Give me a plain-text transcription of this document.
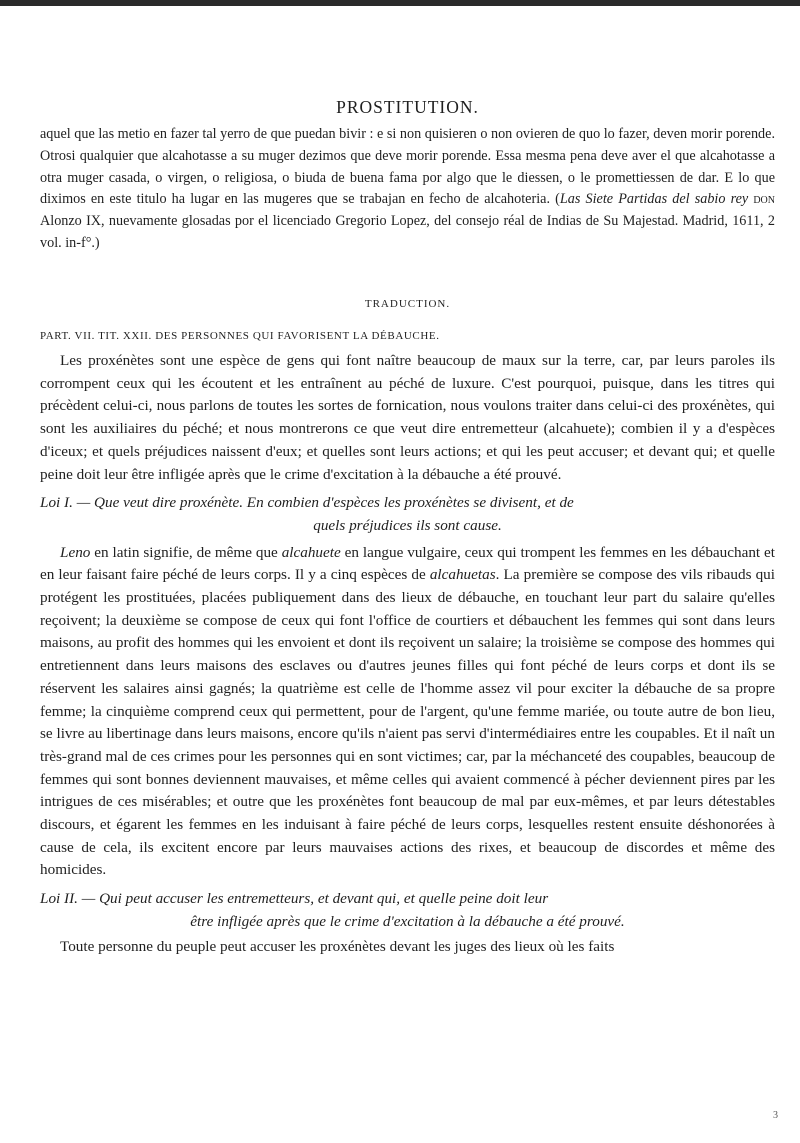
PROSTITUTION.

aquel que las metio en fazer tal yerro de que puedan bivir : e si non quisieren o non ovieren de quo lo fazer, deven morir porende. Otrosi qualquier que alcahotasse a su muger dezimos que deve morir porende. Essa mesma pena deve aver el que alcahotasse a otra muger casada, o virgen, o religiosa, o biuda de buena fama por algo que le diessen, o le promettiessen de dar. E lo que diximos en este titulo ha lugar en las mugeres que se trabajan en fecho de alcahoteria. (Las Siete Partidas del sabio rey don Alonzo IX, nuevamente glosadas por el licenciado Gregorio Lopez, del consejo réal de Indias de Su Majestad. Madrid, 1611, 2 vol. in-f°.)

TRADUCTION.
PART. VII. TIT. XXII. DES PERSONNES QUI FAVORISENT LA DÉBAUCHE.

Les proxénètes sont une espèce de gens qui font naître beaucoup de maux sur la terre, car, par leurs paroles ils corrompent ceux qui les écoutent et les entraînent au péché de luxure. C'est pourquoi, puisque, dans les titres qui précèdent celui-ci, nous parlons de toutes les sortes de fornication, nous voulons traiter dans celui-ci des proxénètes, qui sont les auxiliaires du péché; et nous montrerons ce que veut dire entremetteur (alcahuete); combien il y a d'espèces d'iceux; et quels préjudices naissent d'eux; et quelles sont leurs actions; et qui les peut accuser; et devant qui; et quelle peine doit leur être infligée après que le crime d'excitation à la débauche a été prouvé.

Loi I. — Que veut dire proxénète. En combien d'espèces les proxénètes se divisent, et de
quels préjudices ils sont cause.

Leno en latin signifie, de même que alcahuete en langue vulgaire, ceux qui trompent les femmes en les débauchant et en leur faisant faire péché de leurs corps. Il y a cinq espèces de alcahuetas. La première se compose des vils ribauds qui protégent les prostituées, placées publiquement dans des lieux de débauche, en touchant leur part du salaire qu'elles reçoivent; la deuxième se compose de ceux qui font l'office de courtiers et débauchent les femmes qui sont dans leurs maisons, au profit des hommes qui les envoient et dont ils reçoivent un salaire; la troisième se compose des hommes qui entretiennent dans leurs maisons des esclaves ou d'autres jeunes filles qui font péché de leurs corps et dont ils se réservent les salaires ainsi gagnés; la quatrième est celle de l'homme assez vil pour exciter la débauche de sa propre femme; la cinquième comprend ceux qui permettent, pour de l'argent, qu'une femme mariée, ou toute autre de bon lieu, se livre au libertinage dans leurs maisons, encore qu'ils n'aient pas servi d'intermédiaires entre les coupables. Et il naît un très-grand mal de ces crimes pour les personnes qui en sont victimes; car, par la méchanceté des coupables, beaucoup de femmes qui sont bonnes deviennent mauvaises, et même celles qui avaient commencé à pécher deviennent pires par les intrigues de ces misérables; et outre que les proxénètes font beaucoup de mal par eux-mêmes, et par leurs détestables discours, et égarent les femmes en les induisant à faire péché de leurs corps, lesquelles restent ensuite déshonorées à cause de cela, ils excitent encore par leurs mauvaises actions des rixes, et beaucoup de discordes et même des homicides.

Loi II. — Qui peut accuser les entremetteurs, et devant qui, et quelle peine doit leur
être infligée après que le crime d'excitation à la débauche a été prouvé.

Toute personne du peuple peut accuser les proxénètes devant les juges des lieux où les faits

3
